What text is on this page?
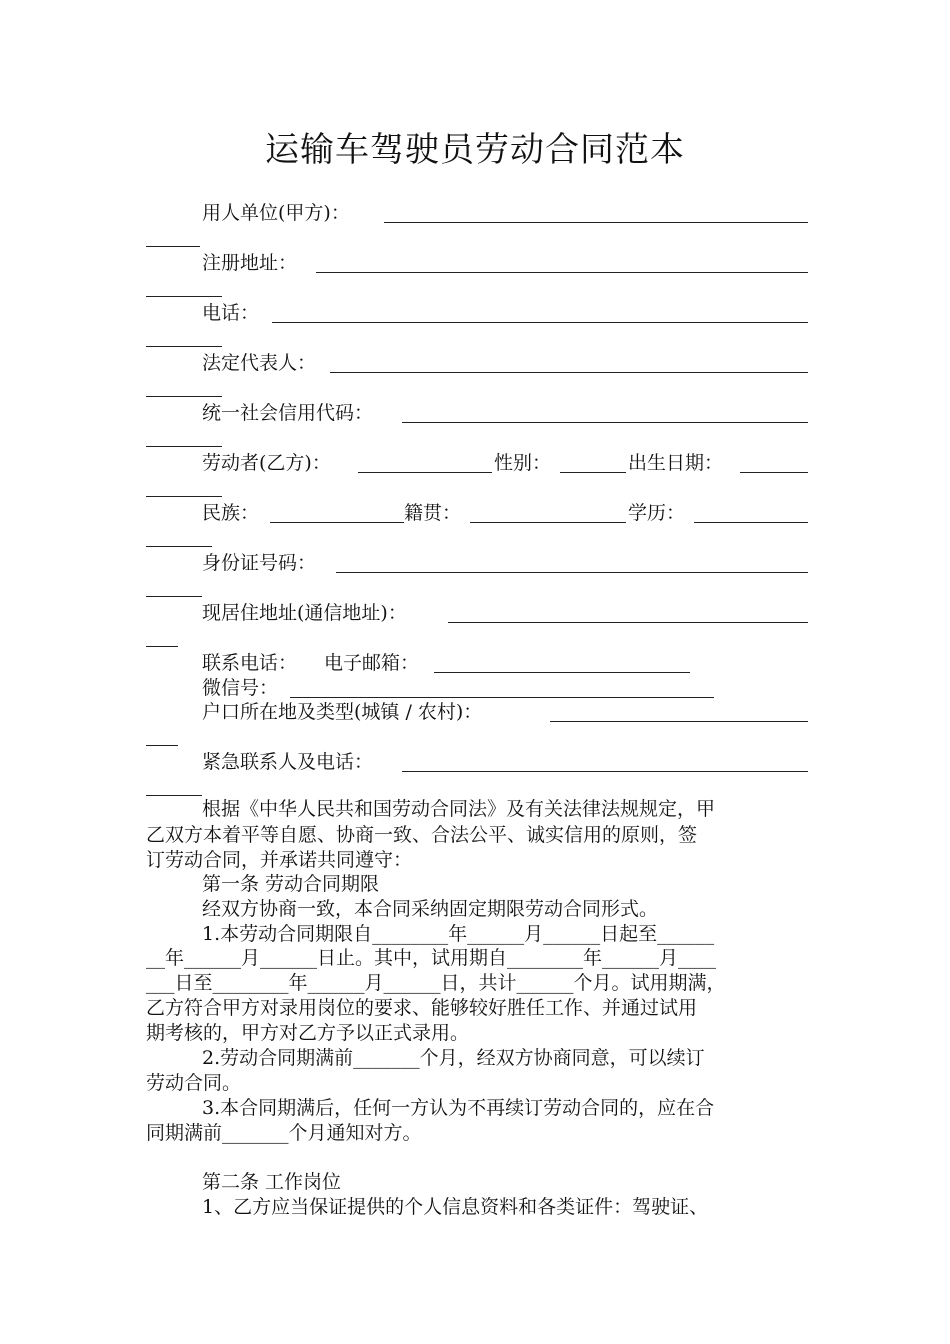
运输车驾驶员劳动合同范本
用人单位(甲方)：
注册地址：
电话：
法定代表人：
统一社会信用代码：
劳动者(乙方)：	性别：	出生日期：
民族：	籍贯：	学历：
身份证号码：
现居住地址(通信地址)：
联系电话： 电子邮箱：
微信号：
户口所在地及类型(城镇 / 农村)：
紧急联系人及电话：
根据《中华人民共和国劳动合同法》及有关法律法规规定，甲
乙双方本着平等自愿、协商一致、合法公平、诚实信用的原则，签
订劳动合同，并承诺共同遵守：
第一条 劳动合同期限
经双方协商一致，本合同采纳固定期限劳动合同形式。
1.本劳动合同期限自________年______月______日起至______
__年______月______日止。其中，试用期自________年______月____
___日至________年______月______日，共计______个月。试用期满，
乙方符合甲方对录用岗位的要求、能够较好胜任工作、并通过试用
期考核的，甲方对乙方予以正式录用。
2.劳动合同期满前_______个月，经双方协商同意，可以续订
劳动合同。
3.本合同期满后，任何一方认为不再续订劳动合同的，应在合
同期满前_______个月通知对方。
第二条 工作岗位
1、乙方应当保证提供的个人信息资料和各类证件：驾驶证、
